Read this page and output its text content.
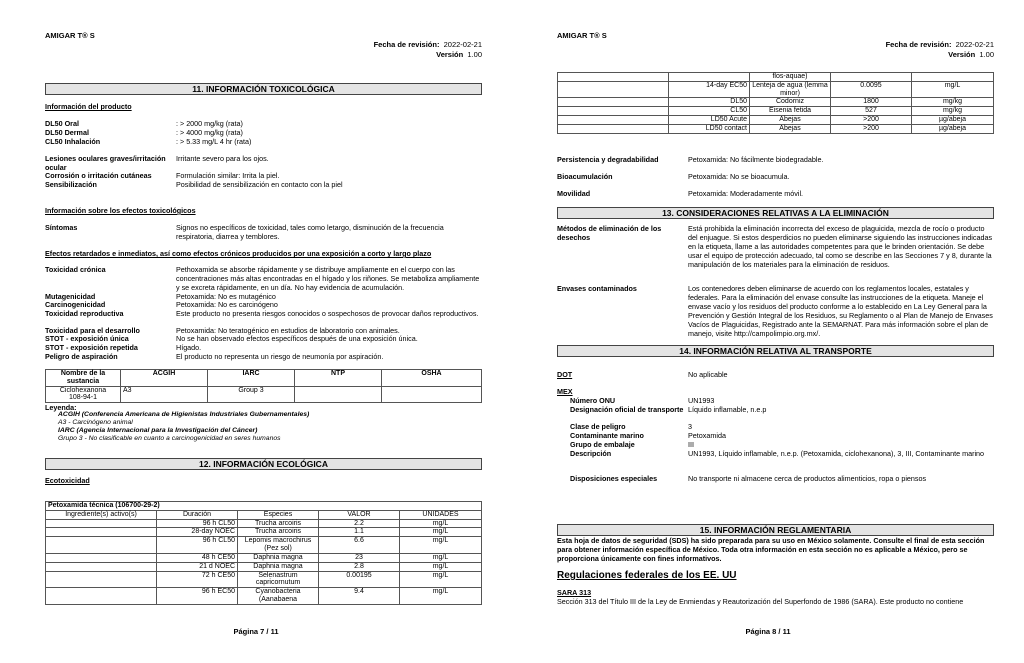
AMIGAR T® S
Fecha de revisión: 2022-02-21
Versión 1.00
11. INFORMACIÓN TOXICOLÓGICA
Información del producto
DL50 Oral	: > 2000 mg/kg (rata)
DL50 Dermal	: > 4000 mg/kg (rata)
CL50 Inhalación	: > 5.33 mg/L 4 hr (rata)
Lesiones oculares graves/irritación ocular
Irritante severo para los ojos.
Corrosión o irritación cutáneas	Formulación similar: Irrita la piel.
Sensibilización	Posibilidad de sensibilización en contacto con la piel
Información sobre los efectos toxicológicos
Síntomas	Signos no específicos de toxicidad, tales como letargo, disminución de la frecuencia respiratoria, diarrea y temblores.
Efectos retardados e inmediatos, así como efectos crónicos producidos por una exposición a corto y largo plazo
Toxicidad crónica	Pethoxamida se absorbe rápidamente y se distribuye ampliamente en el cuerpo con las concentraciones más altas encontradas en el hígado y los riñones. Se metaboliza ampliamente y se excreta rápidamente, en un día. No hay evidencia de acumulación.
Mutagenicidad	Petoxamida: No es mutagénico
Carcinogenicidad	Petoxamida: No es carcinógeno
Toxicidad reproductiva	Este producto no presenta riesgos conocidos o sospechosos de provocar daños reproductivos.
Toxicidad para el desarrollo	Petoxamida: No teratogénico en estudios de laboratorio con animales.
STOT - exposición única	No se han observado efectos específicos después de una exposición única.
STOT - exposición repetida	Hígado.
Peligro de aspiración	El producto no representa un riesgo de neumonía por aspiración.
Nombre de la sustancia	ACGIH	IARC	NTP	OSHA

Ciclohexanona
108-94-1	A3	Group 3		
Leyenda:
ACGIH (Conferencia Americana de Higienistas Industriales Gubernamentales)
A3 - Carcinógeno animal
IARC (Agencia Internacional para la Investigación del Cáncer)
Grupo 3 - No clasificable en cuanto a carcinogenicidad en seres humanos
12. INFORMACIÓN ECOLÓGICA
Ecotoxicidad
Petoxamida técnica (106700-29-2)				
Ingrediente(s) activo(s)	Duración	Especies	VALOR	UNIDADES
	96 h CL50	Trucha arcoiris	2.2	mg/L
	28-day NOEC	Trucha arcoiris	1.1	mg/L
	96 h CL50	Lepomis macrochirus (Pez sol)	6.6	mg/L
	48 h CE50	Daphnia magna	23	mg/L
	21 d NOEC	Daphnia magna	2.8	mg/L
	72 h CE50	Selenastrum capricornutum	0.00195	mg/L
	96 h EC50	Cyanobacteria (Aanabaena	9.4	mg/L
Página 7 / 11
AMIGAR T® S
Fecha de revisión: 2022-02-21
Versión 1.00
		flos-aquae)		
	14-day EC50	Lenteja de agua (lemma minor)	0.0095	mg/L
	DL50	Codorniz	1800	mg/kg
	CL50	Eisenia fetida	527	mg/kg
	LD50 Acute	Abejas	>200	µg/abeja
	LD50 contact	Abejas	>200	µg/abeja
Persistencia y degradabilidad	Petoxamida: No fácilmente biodegradable.
Bioacumulación	Petoxamida: No se bioacumula.
Movilidad	Petoxamida: Moderadamente móvil.
13. CONSIDERACIONES RELATIVAS A LA ELIMINACIÓN
Métodos de eliminación de los desechos
Está prohibida la eliminación incorrecta del exceso de plaguicida, mezcla de rocío o producto del enjuague. Si estos desperdicios no pueden eliminarse siguiendo las instrucciones indicadas en la etiqueta, llame a las autoridades competentes para que le brinden orientación. Se debe usar el equipo de protección adecuado, tal como se describe en las Secciones 7 y 8, durante la manipulación de los materiales para la eliminación de residuos.
Envases contaminados	Los contenedores deben eliminarse de acuerdo con los reglamentos locales, estatales y federales. Para la eliminación del envase consulte las instrucciones de la etiqueta. Maneje el envase vacío y los residuos del producto conforme a lo establecido en La Ley General para la Prevención y Gestión Integral de los Residuos, su Reglamento o al Plan de Manejo de Envases Vacíos de Plaguicidas, Registrado ante la SEMARNAT. Para más información sobre el plan de manejo, visite http://campolimpio.org.mx/.
14. INFORMACIÓN RELATIVA AL TRANSPORTE
DOT	No aplicable
MEX
Número ONU	UN1993
Designación oficial de transporte Líquido inflamable, n.e.p
Clase de peligro	3
Contaminante marino	Petoxamida
Grupo de embalaje	III
Descripción	UN1993, Líquido inflamable, n.e.p. (Petoxamida, ciclohexanona), 3, III, Contaminante marino
Disposiciones especiales	No transporte ni almacene cerca de productos alimenticios, ropa o piensos
15. INFORMACIÓN REGLAMENTARIA
Esta hoja de datos de seguridad (SDS) ha sido preparada para su uso en México solamente. Consulte el final de esta sección para obtener información específica de México. Toda otra información en esta sección no es aplicable a México, pero se proporciona únicamente con fines informativos.
Regulaciones federales de los EE. UU
SARA 313
Sección 313 del Título III de la Ley de Enmiendas y Reautorización del Superfondo de 1986 (SARA). Este producto no contiene
Página 8 / 11
